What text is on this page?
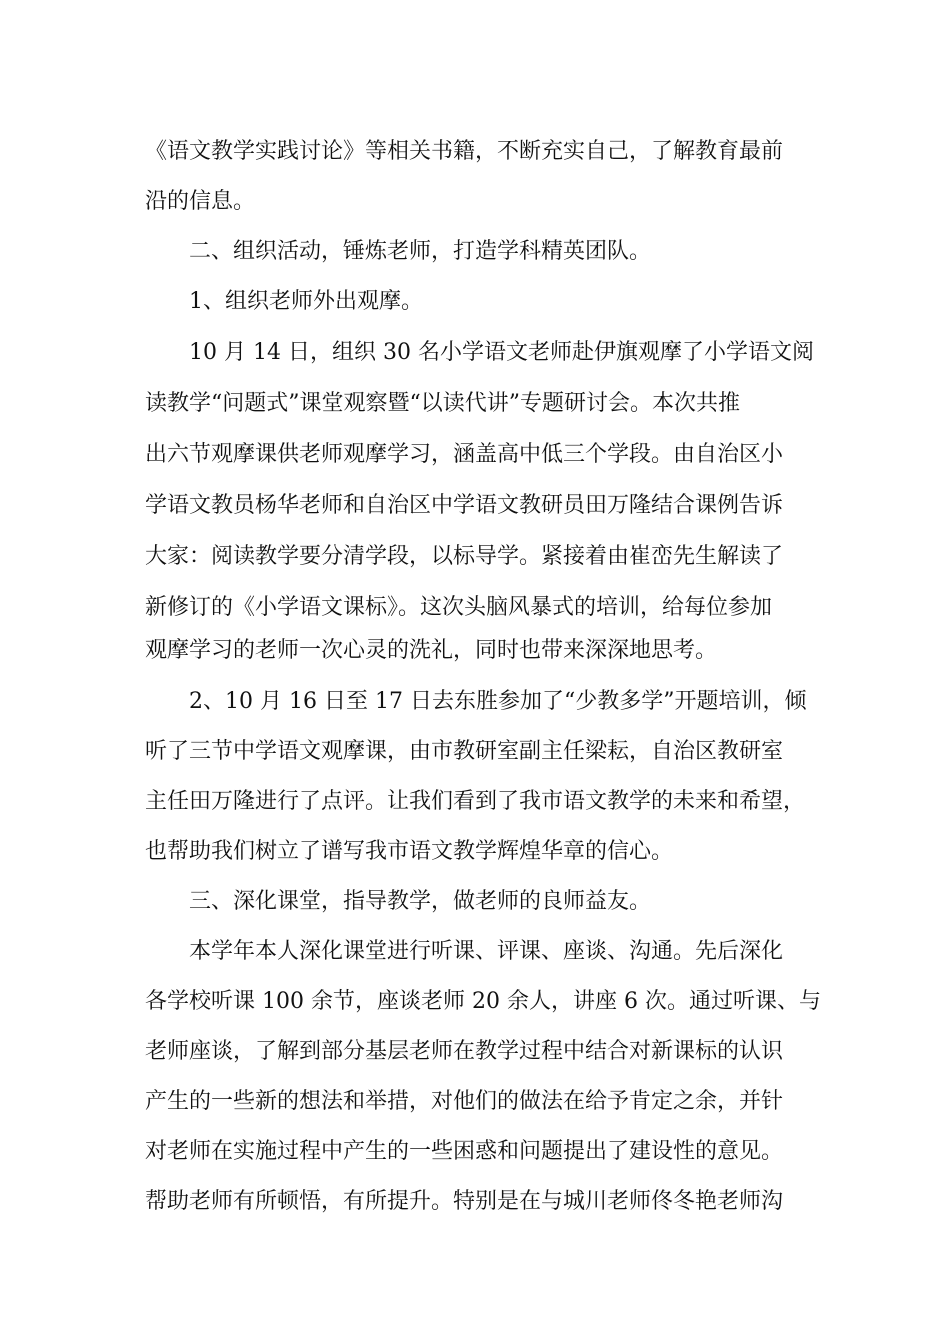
《语文教学实践讨论》等相关书籍，不断充实自己，了解教育最前
沿的信息。
二、组织活动，锤炼老师，打造学科精英团队。
1、组织老师外出观摩。
10 月 14 日，组织 30 名小学语文老师赴伊旗观摩了小学语文阅
读教学“问题式”课堂观察暨“以读代讲”专题研讨会。本次共推
出六节观摩课供老师观摩学习，涵盖高中低三个学段。由自治区小
学语文教员杨华老师和自治区中学语文教研员田万隆结合课例告诉
大家：阅读教学要分清学段，以标导学。紧接着由崔峦先生解读了
新修订的《小学语文课标》。这次头脑风暴式的培训，给每位参加
观摩学习的老师一次心灵的洗礼，同时也带来深深地思考。
2、10 月 16 日至 17 日去东胜参加了“少教多学”开题培训，倾
听了三节中学语文观摩课，由市教研室副主任梁耘，自治区教研室
主任田万隆进行了点评。让我们看到了我市语文教学的未来和希望，
也帮助我们树立了谱写我市语文教学辉煌华章的信心。
三、深化课堂，指导教学，做老师的良师益友。
本学年本人深化课堂进行听课、评课、座谈、沟通。先后深化
各学校听课 100 余节，座谈老师 20 余人，讲座 6 次。通过听课、与
老师座谈，了解到部分基层老师在教学过程中结合对新课标的认识
产生的一些新的想法和举措，对他们的做法在给予肯定之余，并针
对老师在实施过程中产生的一些困惑和问题提出了建设性的意见。
帮助老师有所顿悟，有所提升。特别是在与城川老师佟冬艳老师沟
